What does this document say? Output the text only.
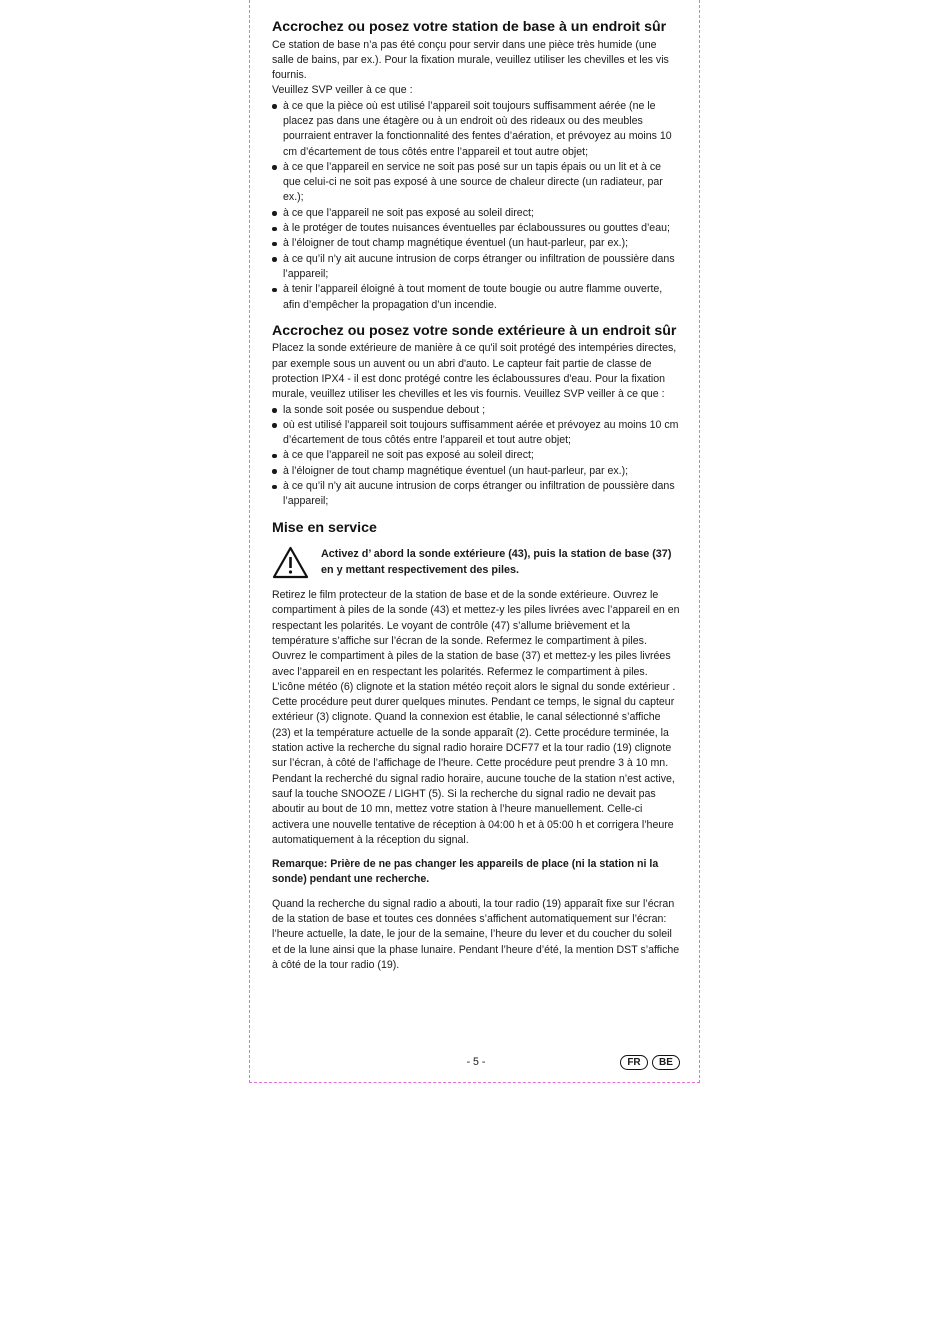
Accrochez ou posez votre station de base à un endroit sûr

Ce station de base n’a pas été conçu pour servir dans une pièce très humide (une salle de bains, par ex.). Pour la fixation murale, veuillez utiliser les chevilles et les vis fournis.

Veuillez SVP veiller à ce que :

à ce que la pièce où est utilisé l’appareil soit toujours suffisamment aérée (ne le placez pas dans une étagère ou à un endroit où des rideaux ou des meubles pourraient entraver la fonctionnalité des fentes d’aération, et prévoyez au moins 10 cm d’écartement de tous côtés entre l’appareil et tout autre objet;
à ce que l’appareil en service ne soit pas posé sur un tapis épais ou un lit et à ce que celui-ci ne soit pas exposé à une source de chaleur directe (un radiateur, par ex.);
à ce que l’appareil ne soit pas exposé au soleil direct;
à le protéger de toutes nuisances éventuelles par éclaboussures ou gouttes d’eau;
à l’éloigner de tout champ magnétique éventuel (un haut-parleur, par ex.);
à ce qu’il n’y ait aucune intrusion de corps étranger ou infiltration de poussière dans l’appareil;
à tenir l’appareil éloigné à tout moment de toute bougie ou autre flamme ouverte, afin d’empêcher la propagation d’un incendie.
Accrochez ou posez votre sonde extérieure à un endroit sûr

Placez la sonde extérieure de manière à ce qu'il soit protégé des intempéries directes, par exemple sous un auvent ou un abri d'auto. Le capteur fait partie de classe de protection IPX4 - il est donc protégé contre les éclaboussures d'eau. Pour la fixation murale, veuillez utiliser les chevilles et les vis fournis. Veuillez SVP veiller à ce que :

la sonde soit posée ou suspendue debout ;
où est utilisé l’appareil soit toujours suffisamment aérée et prévoyez au moins 10 cm d’écartement de tous côtés entre l’appareil et tout autre objet;
à ce que l’appareil ne soit pas exposé au soleil direct;
à l’éloigner de tout champ magnétique éventuel (un haut-parleur, par ex.);
à ce qu’il n’y ait aucune intrusion de corps étranger ou infiltration de poussière dans l’appareil;
Mise en service
Activez d’ abord la sonde extérieure (43), puis la station de base (37) en y mettant respectivement des piles.

Retirez le film protecteur de la station de base et de la sonde extérieure. Ouvrez le compartiment à piles de la sonde (43) et mettez-y les piles livrées avec l’appareil en en respectant les polarités. Le voyant de contrôle (47) s’allume brièvement et la température s’affiche sur l’écran de la sonde. Refermez le compartiment à piles. Ouvrez le compartiment à piles de la station de base (37) et mettez-y les piles livrées avec l’appareil en en respectant les polarités. Refermez le compartiment à piles. L’icône météo (6) clignote et la station météo reçoit alors le signal du sonde extérieur . Cette procédure peut durer quelques minutes. Pendant ce temps, le signal du capteur extérieur (3) clignote. Quand la connexion est établie, le canal sélectionné s’affiche (23) et la température actuelle de la sonde apparaît (2). Cette procédure terminée, la station active la recherche du signal radio horaire DCF77 et la tour radio (19) clignote sur l’écran, à côté de l’affichage de l’heure. Cette procédure peut prendre 3 à 10 mn. Pendant la recherché du signal radio horaire, aucune touche de la station n’est active, sauf la touche SNOOZE / LIGHT (5). Si la recherche du signal radio ne devait pas aboutir au bout de 10 mn, mettez votre station à l’heure manuellement. Celle-ci activera une nouvelle tentative de réception à 04:00 h et à 05:00 h et corrigera l’heure automatiquement à la réception du signal.

Remarque: Prière de ne pas changer les appareils de place (ni la station ni la sonde) pendant une recherche.

Quand la recherche du signal radio a abouti, la tour radio (19) apparaît fixe sur l’écran de la station de base et toutes ces données s’affichent automatiquement sur l’écran: l’heure actuelle, la date, le jour de la semaine, l’heure du lever et du coucher du soleil et de la lune ainsi que la phase lunaire. Pendant l’heure d’été, la mention DST s’affiche à côté de la tour radio (19).

- 5 -	FR	BE
